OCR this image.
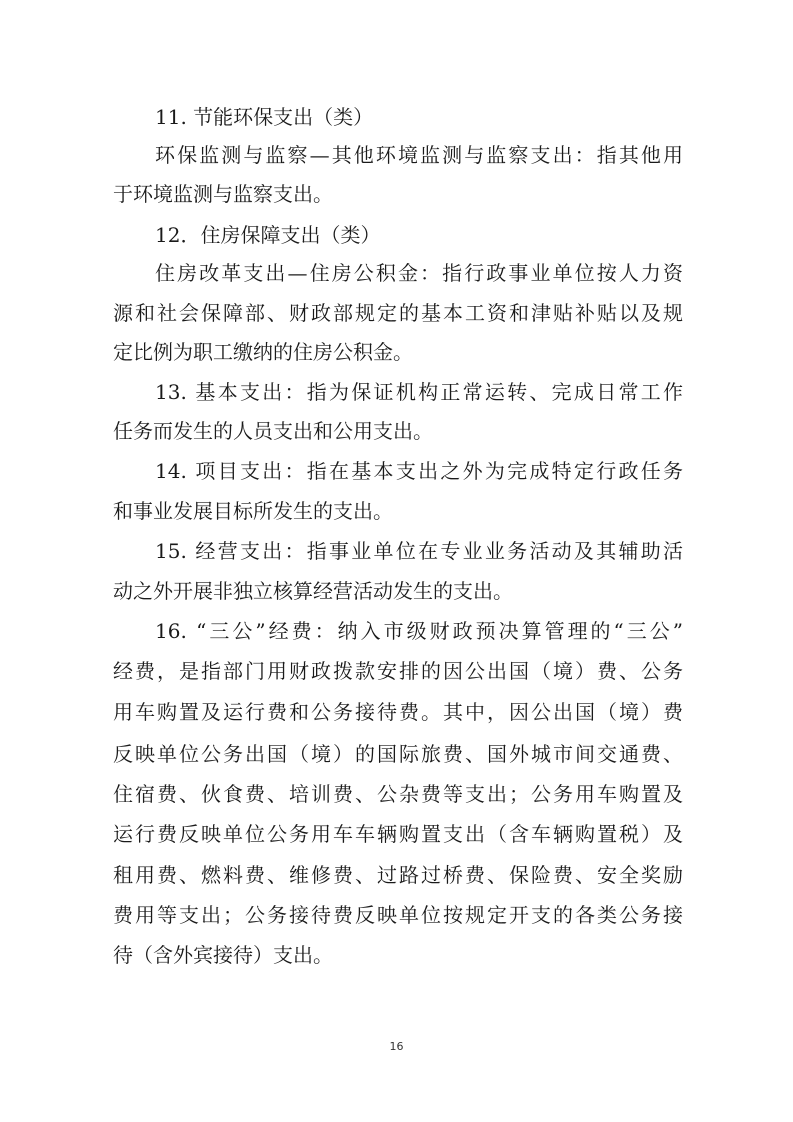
11. 节能环保支出（类）
环保监测与监察—其他环境监测与监察支出：指其他用
于环境监测与监察支出。
12．住房保障支出（类）
住房改革支出—住房公积金：指行政事业单位按人力资
源和社会保障部、财政部规定的基本工资和津贴补贴以及规
定比例为职工缴纳的住房公积金。
13. 基本支出：指为保证机构正常运转、完成日常工作
任务而发生的人员支出和公用支出。
14. 项目支出：指在基本支出之外为完成特定行政任务
和事业发展目标所发生的支出。
15. 经营支出：指事业单位在专业业务活动及其辅助活
动之外开展非独立核算经营活动发生的支出。
16. “三公”经费：纳入市级财政预决算管理的“三公”
经费，是指部门用财政拨款安排的因公出国（境）费、公务
用车购置及运行费和公务接待费。其中，因公出国（境）费
反映单位公务出国（境）的国际旅费、国外城市间交通费、
住宿费、伙食费、培训费、公杂费等支出；公务用车购置及
运行费反映单位公务用车车辆购置支出（含车辆购置税）及
租用费、燃料费、维修费、过路过桥费、保险费、安全奖励
费用等支出；公务接待费反映单位按规定开支的各类公务接
待（含外宾接待）支出。
16
